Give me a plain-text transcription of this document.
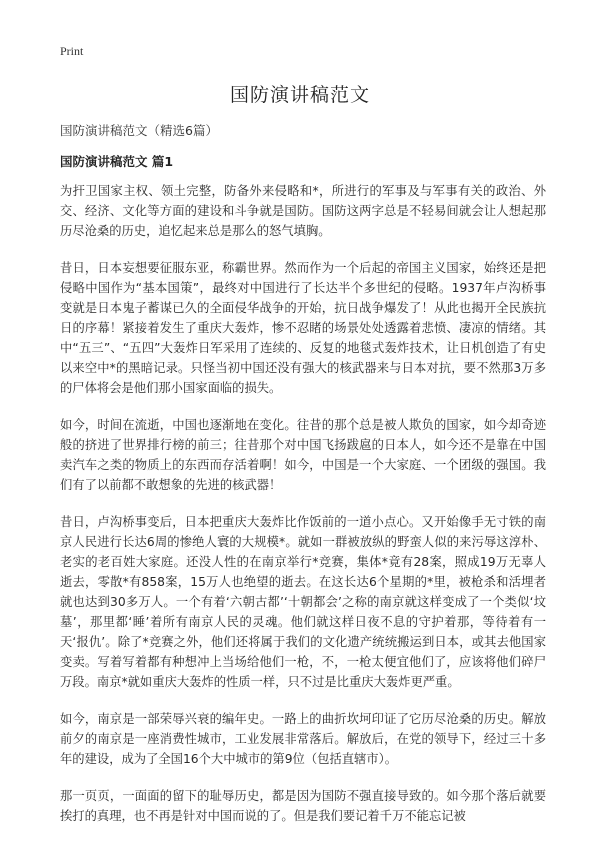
Print
国防演讲稿范文
国防演讲稿范文（精选6篇）
国防演讲稿范文 篇1

为扞卫国家主权、领土完整，防备外来侵略和*，所进行的军事及与军事有关的政治、外交、经济、文化等方面的建设和斗争就是国防。国防这两字总是不轻易间就会让人想起那历尽沧桑的历史，追忆起来总是那么的怒气填胸。

昔日，日本妄想要征服东亚，称霸世界。然而作为一个后起的帝国主义国家，始终还是把侵略中国作为“基本国策”，最终对中国进行了长达半个多世纪的侵略。1937年卢沟桥事变就是日本鬼子蓄谋已久的全面侵华战争的开始，抗日战争爆发了！从此也揭开全民族抗日的序幕！紧接着发生了重庆大轰炸，惨不忍睹的场景处处透露着悲愤、凄凉的情绪。其中“五三”、“五四”大轰炸日军采用了连续的、反复的地毯式轰炸技术，让日机创造了有史以来空中*的黑暗记录。只怪当初中国还没有强大的核武器来与日本对抗，要不然那3万多的尸体将会是他们那小国家面临的损失。

如今，时间在流逝，中国也逐渐地在变化。往昔的那个总是被人欺负的国家，如今却奇迹般的挤进了世界排行榜的前三；往昔那个对中国飞扬跋扈的日本人，如今还不是靠在中国卖汽车之类的物质上的东西而存活着啊！如今，中国是一个大家庭、一个团级的强国。我们有了以前都不敢想象的先进的核武器！

昔日，卢沟桥事变后，日本把重庆大轰炸比作饭前的一道小点心。又开始像手无寸铁的南京人民进行长达6周的惨绝人寰的大规模*。就如一群被放纵的野蛮人似的来污辱这淳朴、老实的老百姓大家庭。还没人性的在南京举行*竞赛，集体*竟有28案，照成19万无辜人逝去，零散*有858案，15万人也绝望的逝去。在这长达6个星期的*里，被枪杀和活埋者就也达到30多万人。一个有着‘六朝古都’‘十朝都会’之称的南京就这样变成了一个类似‘坟墓’，那里都‘睡’着所有南京人民的灵魂。他们就这样日夜不息的守护着那，等待着有一天‘报仇’。除了*竞赛之外，他们还将属于我们的文化遗产统统搬运到日本，或其去他国家变卖。写着写着都有种想冲上当场给他们一枪，不，一枪太便宜他们了，应该将他们碎尸万段。南京*就如重庆大轰炸的性质一样，只不过是比重庆大轰炸更严重。

如今，南京是一部荣辱兴衰的编年史。一路上的曲折坎坷印证了它历尽沧桑的历史。解放前夕的南京是一座消费性城市，工业发展非常落后。解放后，在党的领导下，经过三十多年的建设，成为了全国16个大中城市的第9位（包括直辖市）。

那一页页，一面面的留下的耻辱历史，都是因为国防不强直接导致的。如今那个落后就要挨打的真理，也不再是针对中国而说的了。但是我们要记着千万不能忘记被
